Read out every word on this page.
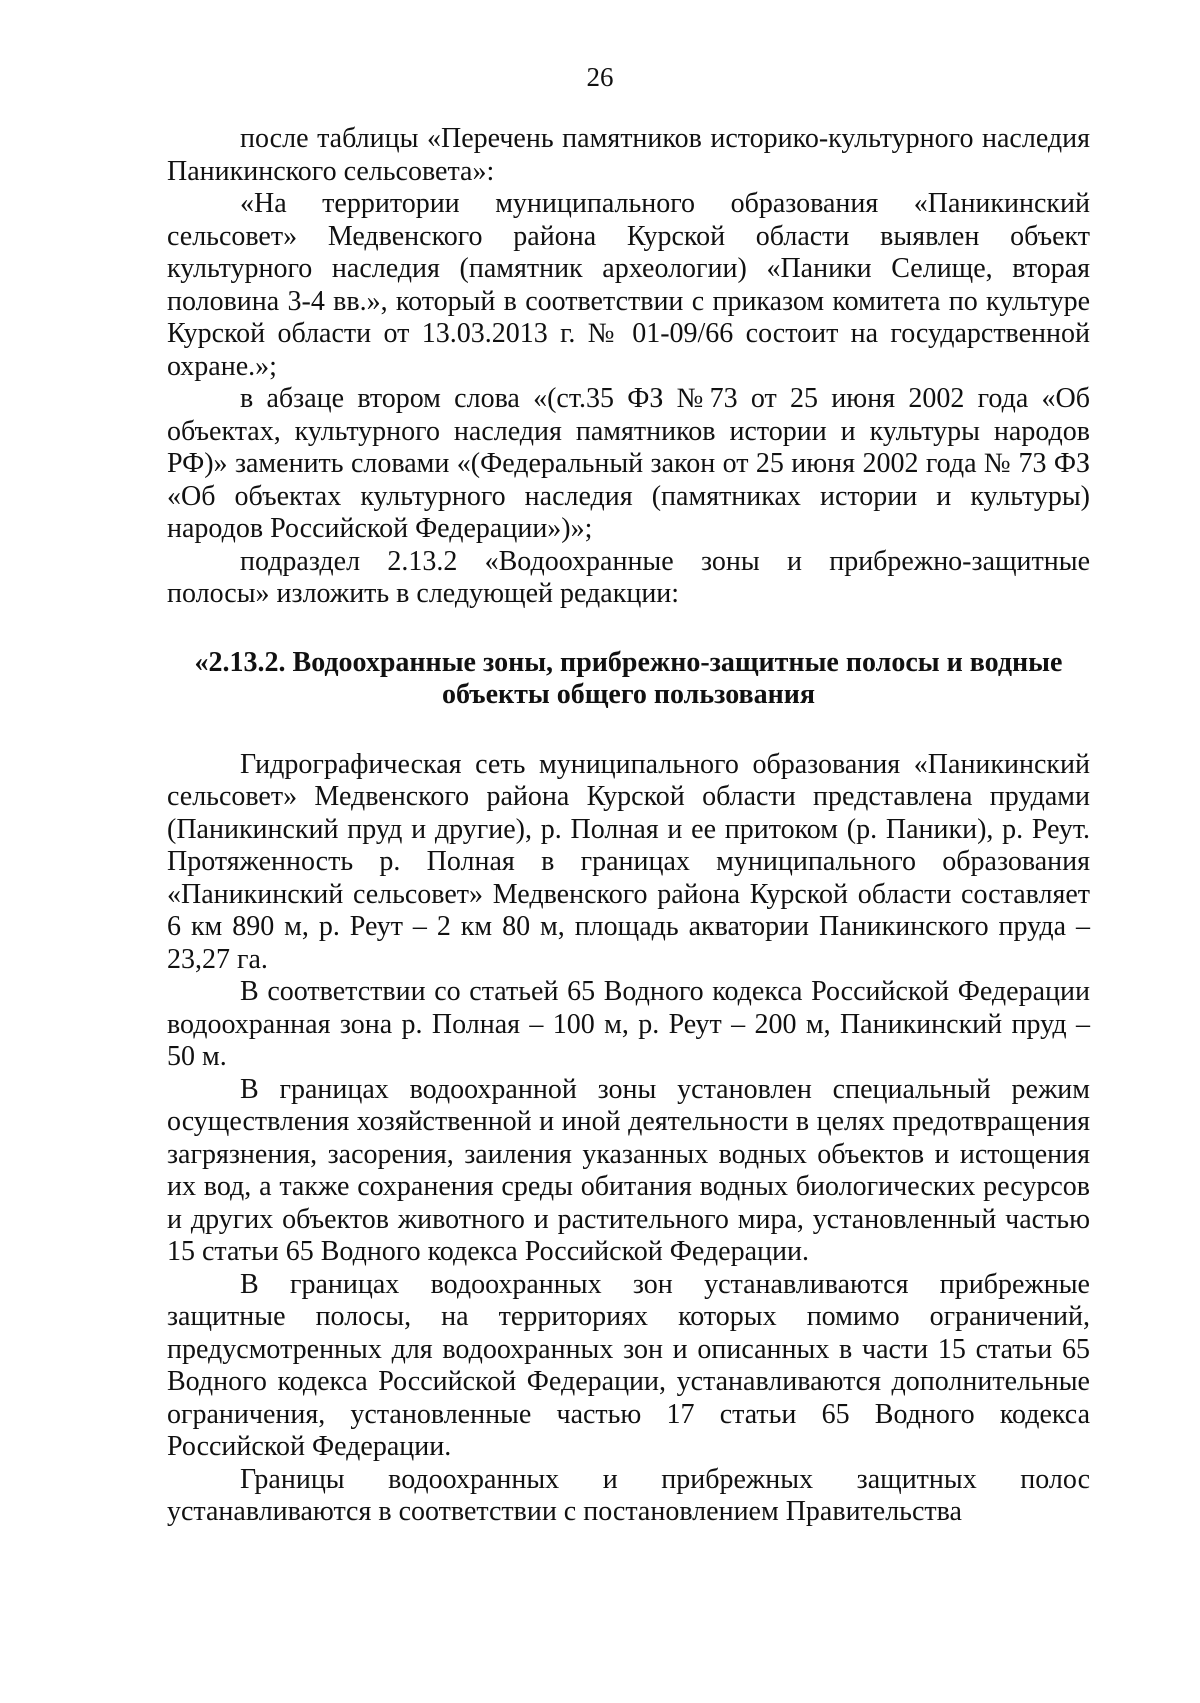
26

после таблицы «Перечень памятников историко-культурного наследия Паникинского сельсовета»:

«На территории муниципального образования «Паникинский сельсовет» Медвенского района Курской области выявлен объект культурного наследия (памятник археологии) «Паники Селище, вторая половина 3-4 вв.», который в соответствии с приказом комитета по культуре Курской области от 13.03.2013 г. № 01-09/66 состоит на государственной охране.»;

в абзаце втором слова «(ст.35 ФЗ №73 от 25 июня 2002 года «Об объектах, культурного наследия памятников истории и культуры народов РФ)» заменить словами «(Федеральный закон от 25 июня 2002 года № 73 ФЗ «Об объектах культурного наследия (памятниках истории и культуры) народов Российской Федерации»)»;

подраздел 2.13.2 «Водоохранные зоны и прибрежно-защитные полосы» изложить в следующей редакции:

«2.13.2. Водоохранные зоны, прибрежно-защитные полосы и водные
объекты общего пользования

Гидрографическая сеть муниципального образования «Паникинский сельсовет» Медвенского района Курской области представлена прудами (Паникинский пруд и другие), р. Полная и ее притоком (р. Паники), р. Реут. Протяженность р. Полная в границах муниципального образования «Паникинский сельсовет» Медвенского района Курской области составляет 6 км 890 м, р. Реут – 2 км 80 м, площадь акватории Паникинского пруда – 23,27 га.

В соответствии со статьей 65 Водного кодекса Российской Федерации водоохранная зона р. Полная – 100 м, р. Реут – 200 м, Паникинский пруд – 50 м.

В границах водоохранной зоны установлен специальный режим осуществления хозяйственной и иной деятельности в целях предотвращения загрязнения, засорения, заиления указанных водных объектов и истощения их вод, а также сохранения среды обитания водных биологических ресурсов и других объектов животного и растительного мира, установленный частью 15 статьи 65 Водного кодекса Российской Федерации.

В границах водоохранных зон устанавливаются прибрежные защитные полосы, на территориях которых помимо ограничений, предусмотренных для водоохранных зон и описанных в части 15 статьи 65 Водного кодекса Российской Федерации, устанавливаются дополнительные ограничения, установленные частью 17 статьи 65 Водного кодекса Российской Федерации.

Границы водоохранных и прибрежных защитных полос устанавливаются в соответствии с постановлением Правительства
